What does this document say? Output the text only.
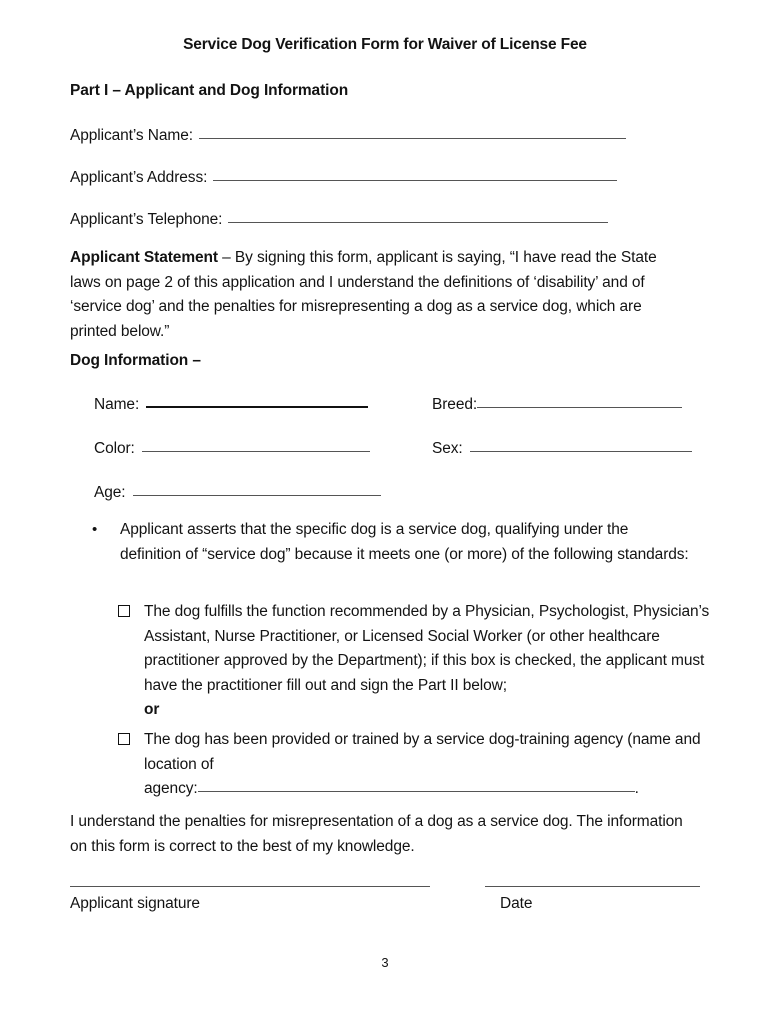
Service Dog Verification Form for Waiver of License Fee
Part I – Applicant and Dog Information
Applicant’s Name:
Applicant’s Address:
Applicant’s Telephone:
Applicant Statement – By signing this form, applicant is saying, “I have read the State laws on page 2 of this application and I understand the definitions of ‘disability’ and of ‘service dog’ and the penalties for misrepresenting a dog as a service dog, which are printed below.”
Dog Information –
Name:	Breed:
Color:	Sex:
Age:
•	Applicant asserts that the specific dog is a service dog, qualifying under the definition of “service dog” because it meets one (or more) of the following standards:
The dog fulfills the function recommended by a Physician, Psychologist, Physician’s Assistant, Nurse Practitioner, or Licensed Social Worker (or other healthcare practitioner approved by the Department); if this box is checked, the applicant must have the practitioner fill out and sign the Part II below;
or
The dog has been provided or trained by a service dog-training agency (name and location of
agency:	.
I understand the penalties for misrepresentation of a dog as a service dog. The information on this form is correct to the best of my knowledge.
Applicant signature	Date
3
